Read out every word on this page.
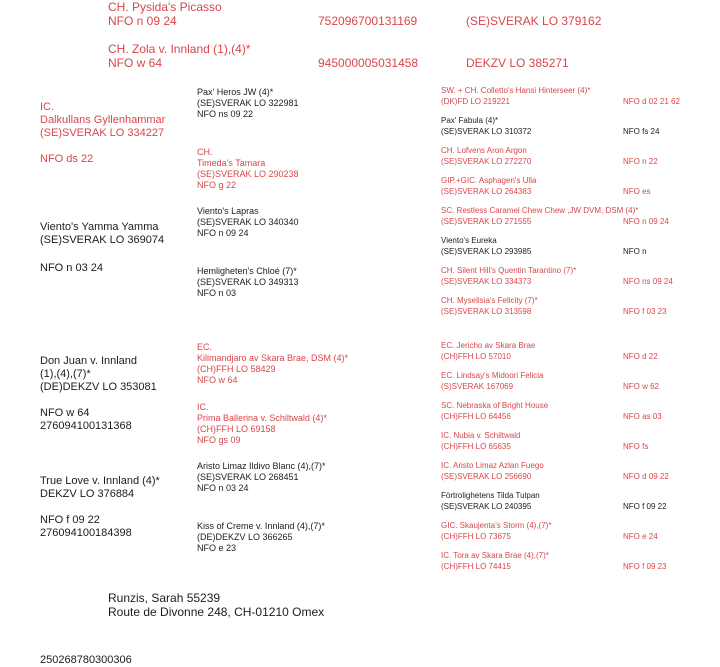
CH. Pysida's Picasso
NFO n 09 24	752096700131169	(SE)SVERAK LO 379162
CH. Zola v. Innland (1),(4)*
NFO w 64	945000005031458	DEKZV LO 385271
IC.
Dalkullans Gyllenhammar
(SE)SVERAK LO 334227
NFO ds 22
Viento's Yamma Yamma
(SE)SVERAK LO 369074
NFO n 03 24
Don Juan v. Innland
(1),(4),(7)*
(DE)DEKZV LO 353081
NFO w 64
276094100131368
True Love v. Innland (4)*
DEKZV LO 376884
NFO f 09 22
276094100184398
Pax' Heros JW (4)*
(SE)SVERAK LO 322981
NFO ns 09 22
CH.
Timeda's Tamara
(SE)SVERAK LO 290238
NFO g 22
Viento's Lapras
(SE)SVERAK LO 340340
NFO n 09 24
Hemligheten's Chloé (7)*
(SE)SVERAK LO 349313
NFO n 03
EC.
Kilimandjaro av Skara Brae, DSM (4)*
(CH)FFH LO 58429
NFO w 64
IC.
Prima Ballerina v. Schiltwald (4)*
(CH)FFH LO 69158
NFO gs 09
Aristo Limaz Ildivo Blanc (4),(7)*
(SE)SVERAK LO 268451
NFO n 03 24
Kiss of Creme v. Innland (4),(7)*
(DE)DEKZV LO 366265
NFO e 23
SW. + CH. Colletto's Hansi Hinterseer (4)*
(DK)FD LO 219221	NFO d 02 21 62
Pax' Fabula (4)*
(SE)SVERAK LO 310372	NFO fs 24
CH. Lofvens Aron Argon
(SE)SVERAK LO 272270	NFO n 22
GIP.+GIC. Asphagen's Ulla
(SE)SVERAK LO 264383	NFO es
SC. Restless Caramel Chew Chew ,JW DVM, DSM (4)*
(SE)SVERAK LO 271555	NFO n 09 24
Viento's Eureka
(SE)SVERAK LO 293985	NFO n
CH. Silent Hill's Quentin Tarantino (7)*
(SE)SVERAK LO 334373	NFO ns 09 24
CH. Myselisia's Felicity (7)*
(SE)SVERAK LO 313598	NFO f 03 23
EC. Jericho av Skara Brae
(CH)FFH LO 57010	NFO d 22
EC. Lindsay's Midoori Felicia
(S)SVERAK 167069	NFO w 62
SC. Nebraska of Bright House
(CH)FFH LO 64456	NFO as 03
IC. Nubia v. Schiltwald
(CH)FFH LO 65635	NFO fs
IC. Aristo Limaz Azlan Fuego
(SE)SVERAK LO 256690	NFO d 09 22
Förtrolighetens Tilda Tulpan
(SE)SVERAK LO 240395	NFO f 09 22
GIC. Skaujenta's Storm (4),(7)*
(CH)FFH LO 73675	NFO e 24
IC. Tora av Skara Brae (4),(7)*
(CH)FFH LO 74415	NFO f 09 23
Runzis, Sarah 55239
Route de Divonne 248, CH-01210 Omex
250268780300306
